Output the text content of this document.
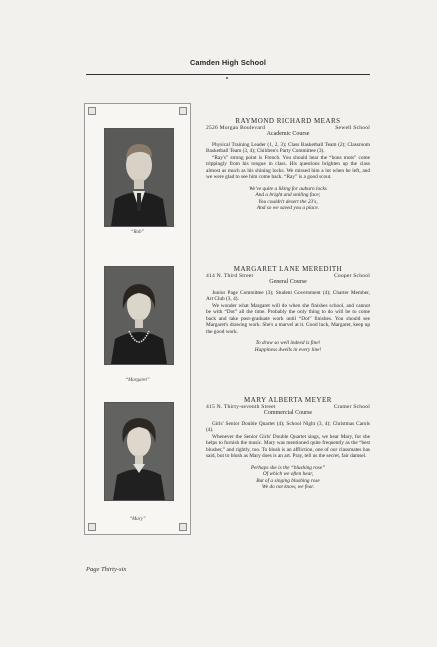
Camden High School
“Rob”
“Margaret”
“Mary”
RAYMOND RICHARD MEARS
2526 Morgan Boulevard	Sewell School
Academic Course

Physical Training Leader (1, 2, 3); Class Basketball Team (2); Classroom Basketball Team (3, 4); Children's Party Committee (3).

“Ray's” strong point is French. You should hear the “bons mots” come trippingly from his tongue in class. His questions brighten up the class almost as much as his shining locks. We missed him a lot when he left, and we were glad to see him come back. “Ray” is a good scout.

We've quite a liking for auburn locks
And a bright and smiling face;
You couldn't desert the 23's,
And so we saved you a place.
MARGARET LANE MEREDITH
414 N. Third Street	Cooper School
General Course

Junior Page Committee (3); Student Government (4); Charter Member, Art Club (3, 4).

We wonder what Margaret will do when she finishes school, and cannot be with “Dot” all the time. Probably the only thing to do will be to come back and take post-graduate work until “Dot” finishes. You should see Margaret's drawing work. She's a marvel at it. Good luck, Margaret, keep up the good work.

To draw so well indeed is fine!
Happiness dwells in every line!
MARY ALBERTA MEYER
415 N. Thirty-seventh Street	Cramer School
Commercial Course

Girls' Senior Double Quartet (4); School Night (3, 4); Christmas Carols (4).

Whenever the Senior Girls' Double Quartet sings, we hear Mary, for she helps to furnish the music. Mary was mentioned quite frequently as the “best blusher,” and rightly, too. To blush is an affliction, one of our classmates has said, but to blush as Mary does is an art. Pray, tell us the secret, fair damsel.

Perhaps she is the “blushing rose”
Of which we often hear,
But of a singing blushing rose
We do not know, we fear.
Page Thirty-six
